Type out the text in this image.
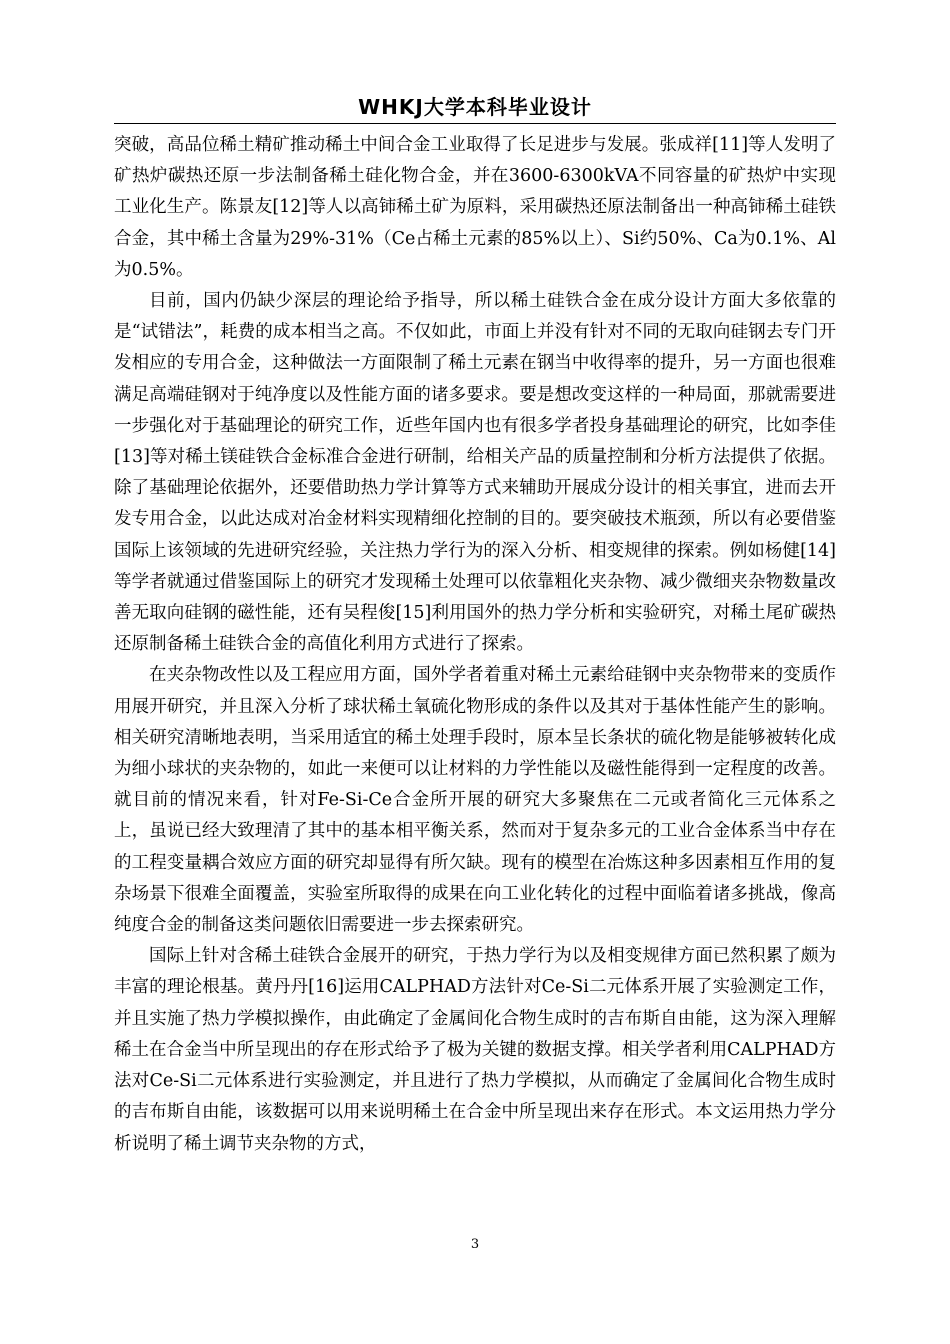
WHKJ大学本科毕业设计

突破，高品位稀土精矿推动稀土中间合金工业取得了长足进步与发展。张成祥[11]等人发明了矿热炉碳热还原一步法制备稀土硅化物合金，并在3600-6300kVA不同容量的矿热炉中实现工业化生产。陈景友[12]等人以高铈稀土矿为原料，采用碳热还原法制备出一种高铈稀土硅铁合金，其中稀土含量为29%-31%（Ce占稀土元素的85%以上）、Si约50%、Ca为0.1%、Al为0.5%。

目前，国内仍缺少深层的理论给予指导，所以稀土硅铁合金在成分设计方面大多依靠的是“试错法”，耗费的成本相当之高。不仅如此，市面上并没有针对不同的无取向硅钢去专门开发相应的专用合金，这种做法一方面限制了稀土元素在钢当中收得率的提升，另一方面也很难满足高端硅钢对于纯净度以及性能方面的诸多要求。要是想改变这样的一种局面，那就需要进一步强化对于基础理论的研究工作，近些年国内也有很多学者投身基础理论的研究，比如李佳[13]等对稀土镁硅铁合金标准合金进行研制，给相关产品的质量控制和分析方法提供了依据。除了基础理论依据外，还要借助热力学计算等方式来辅助开展成分设计的相关事宜，进而去开发专用合金，以此达成对冶金材料实现精细化控制的目的。要突破技术瓶颈，所以有必要借鉴国际上该领域的先进研究经验，关注热力学行为的深入分析、相变规律的探索。例如杨健[14]等学者就通过借鉴国际上的研究才发现稀土处理可以依靠粗化夹杂物、减少微细夹杂物数量改善无取向硅钢的磁性能，还有吴程俊[15]利用国外的热力学分析和实验研究，对稀土尾矿碳热还原制备稀土硅铁合金的高值化利用方式进行了探索。

在夹杂物改性以及工程应用方面，国外学者着重对稀土元素给硅钢中夹杂物带来的变质作用展开研究，并且深入分析了球状稀土氧硫化物形成的条件以及其对于基体性能产生的影响。相关研究清晰地表明，当采用适宜的稀土处理手段时，原本呈长条状的硫化物是能够被转化成为细小球状的夹杂物的，如此一来便可以让材料的力学性能以及磁性能得到一定程度的改善。就目前的情况来看，针对Fe-Si-Ce合金所开展的研究大多聚焦在二元或者简化三元体系之上，虽说已经大致理清了其中的基本相平衡关系，然而对于复杂多元的工业合金体系当中存在的工程变量耦合效应方面的研究却显得有所欠缺。现有的模型在冶炼这种多因素相互作用的复杂场景下很难全面覆盖，实验室所取得的成果在向工业化转化的过程中面临着诸多挑战，像高纯度合金的制备这类问题依旧需要进一步去探索研究。

国际上针对含稀土硅铁合金展开的研究，于热力学行为以及相变规律方面已然积累了颇为丰富的理论根基。黄丹丹[16]运用CALPHAD方法针对Ce-Si二元体系开展了实验测定工作，并且实施了热力学模拟操作，由此确定了金属间化合物生成时的吉布斯自由能，这为深入理解稀土在合金当中所呈现出的存在形式给予了极为关键的数据支撑。相关学者利用CALPHAD方法对Ce-Si二元体系进行实验测定，并且进行了热力学模拟，从而确定了金属间化合物生成时的吉布斯自由能，该数据可以用来说明稀土在合金中所呈现出来存在形式。本文运用热力学分析说明了稀土调节夹杂物的方式，

3
